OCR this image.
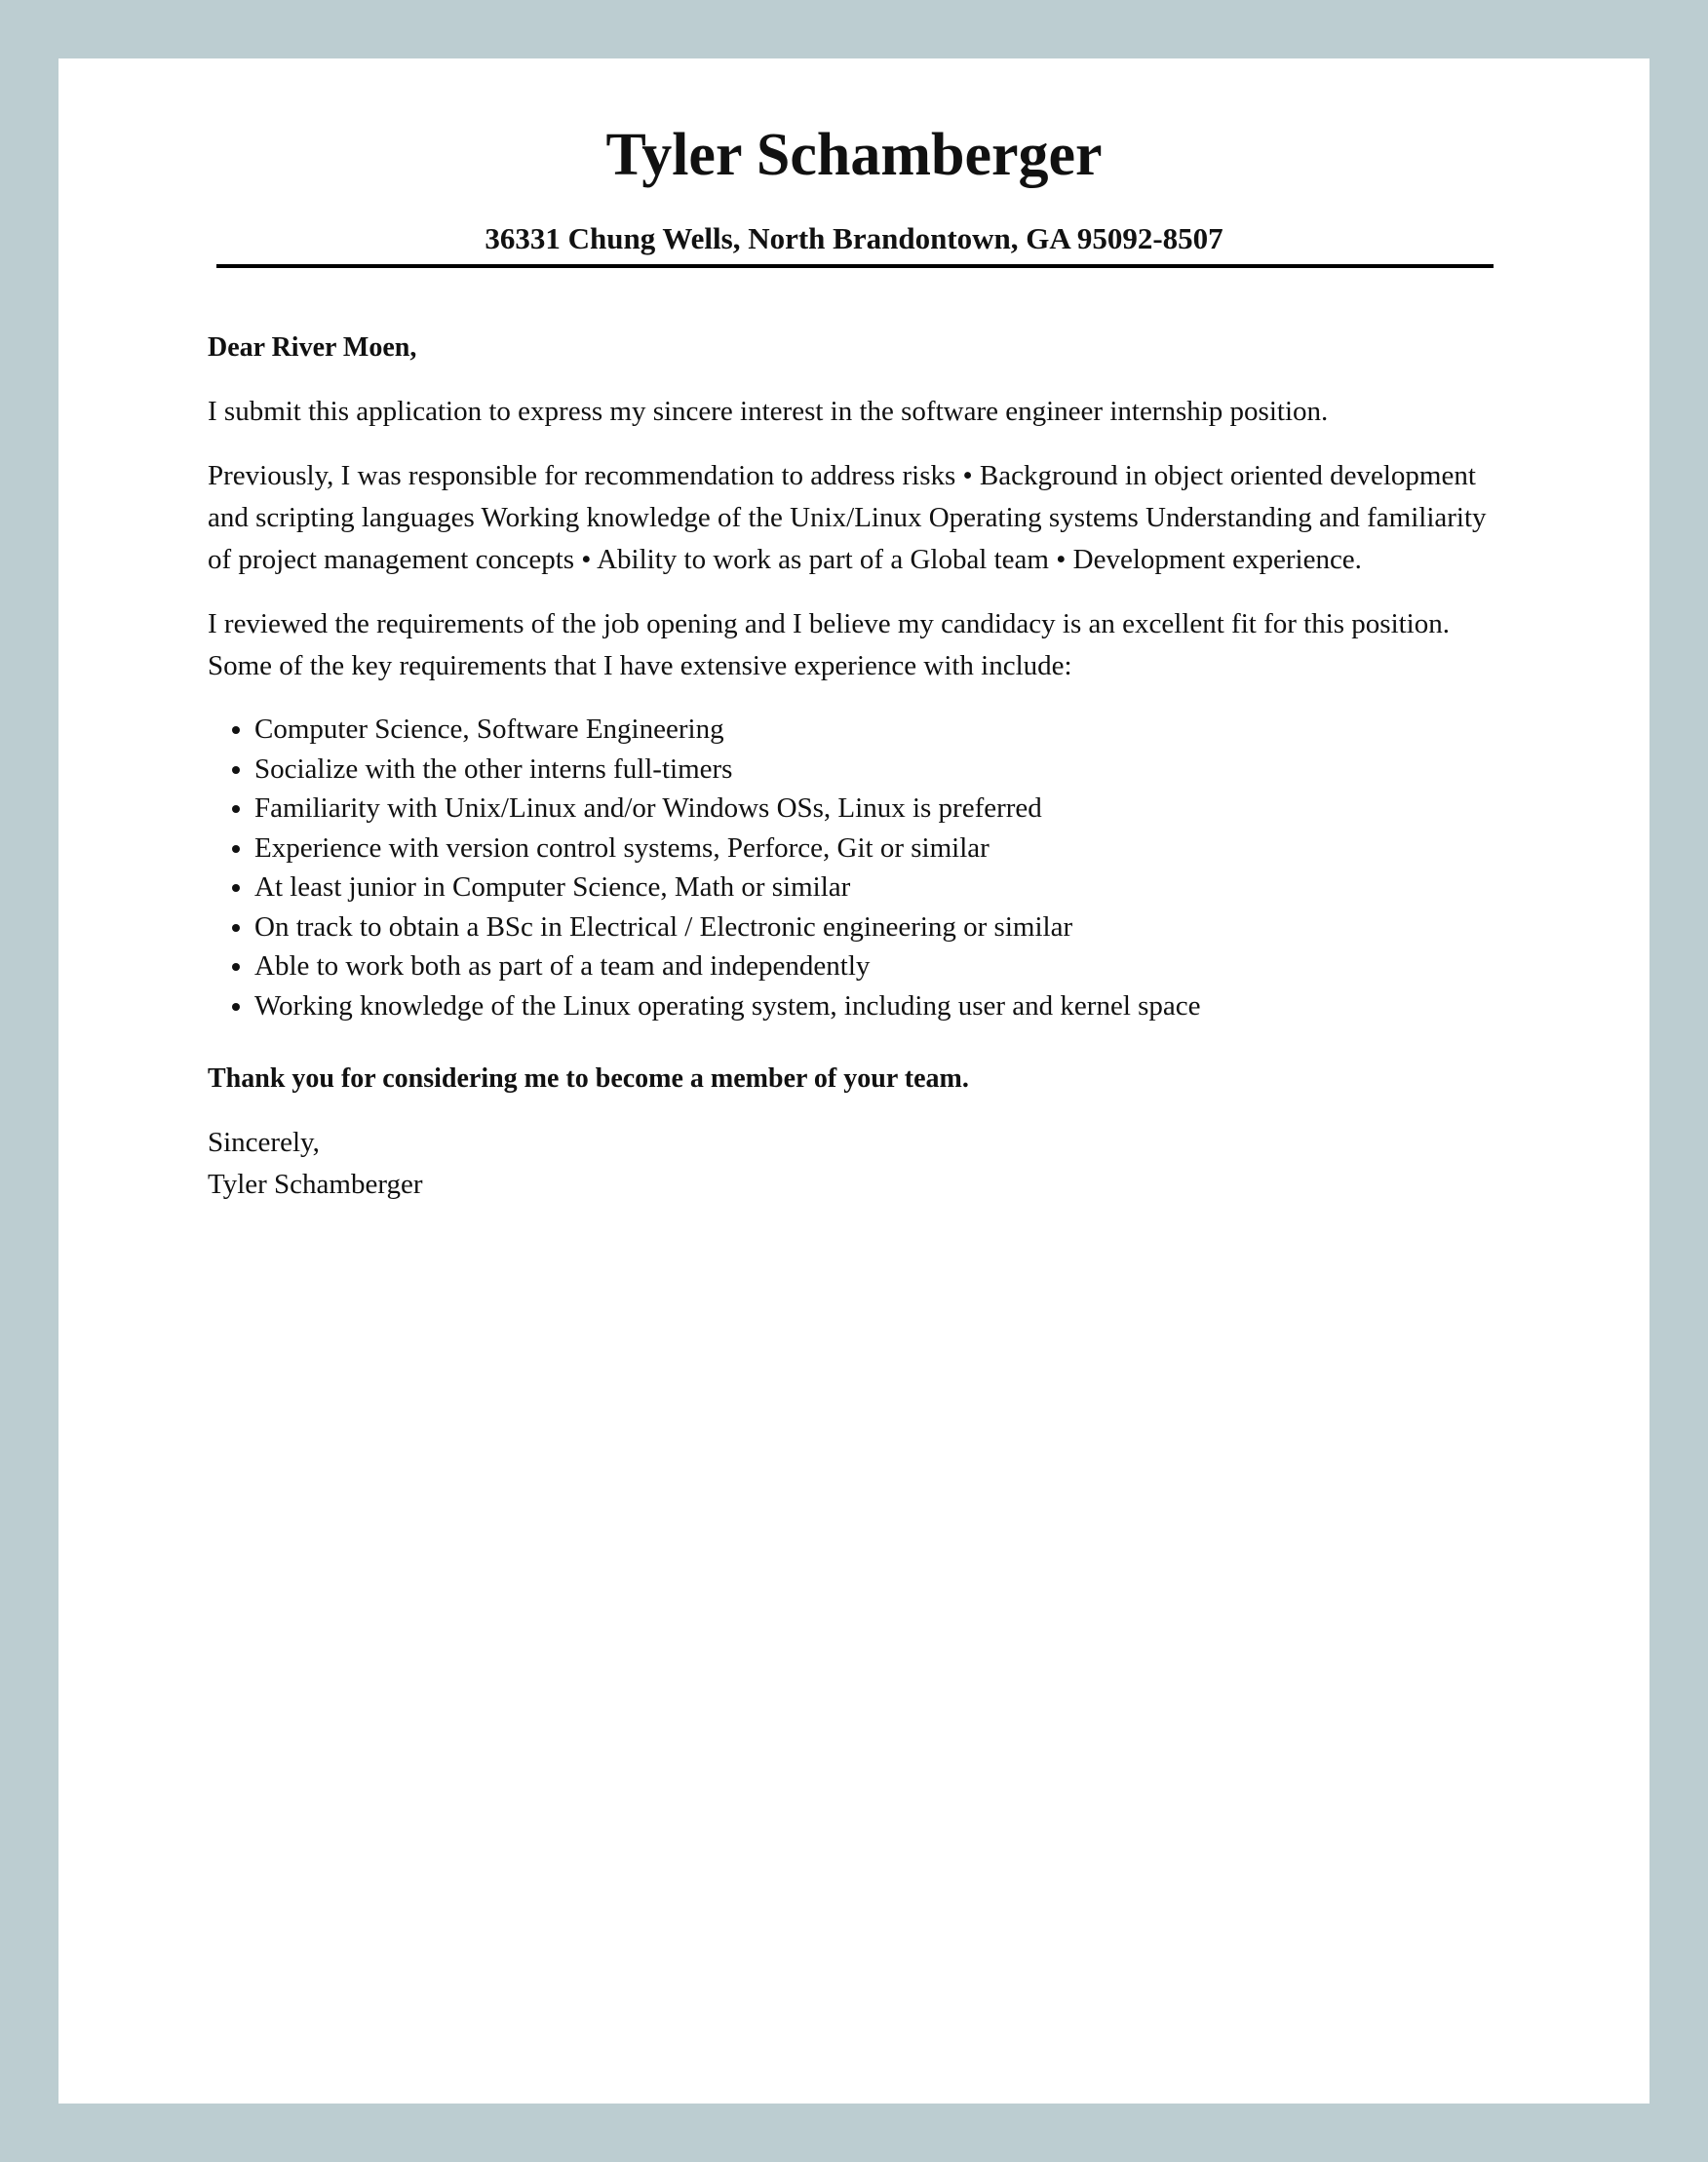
Tyler Schamberger
36331 Chung Wells, North Brandontown, GA 95092-8507

Dear River Moen,

I submit this application to express my sincere interest in the software engineer internship position.

Previously, I was responsible for recommendation to address risks • Background in object oriented development and scripting languages Working knowledge of the Unix/Linux Operating systems Understanding and familiarity of project management concepts • Ability to work as part of a Global team • Development experience.

I reviewed the requirements of the job opening and I believe my candidacy is an excellent fit for this position. Some of the key requirements that I have extensive experience with include:

• Computer Science, Software Engineering
• Socialize with the other interns full-timers
• Familiarity with Unix/Linux and/or Windows OSs, Linux is preferred
• Experience with version control systems, Perforce, Git or similar
• At least junior in Computer Science, Math or similar
• On track to obtain a BSc in Electrical / Electronic engineering or similar
• Able to work both as part of a team and independently
• Working knowledge of the Linux operating system, including user and kernel space

Thank you for considering me to become a member of your team.

Sincerely,
Tyler Schamberger
